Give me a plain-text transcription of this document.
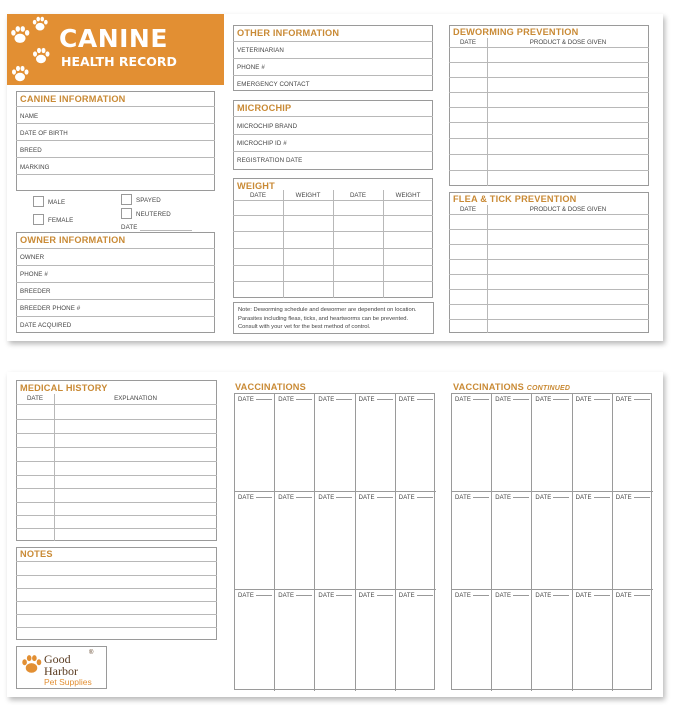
CANINE
HEALTH RECORD
CANINE INFORMATION
NAME
DATE OF BIRTH
BREED
MARKING
MALE
FEMALE
SPAYED
NEUTERED
DATE
OWNER INFORMATION
OWNER
PHONE #
BREEDER
BREEDER PHONE #
DATE ACQUIRED
OTHER INFORMATION
VETERINARIAN
PHONE #
EMERGENCY CONTACT
MICROCHIP
MICROCHIP BRAND
MICROCHIP ID #
REGISTRATION DATE
WEIGHT
DATE	WEIGHT	DATE	WEIGHT
Note: Deworming schedule and dewormer are dependent on location. Parasites including fleas, ticks, and heartworms can be prevented. Consult with your vet for the best method of control.
DEWORMING PREVENTION
DATE	PRODUCT & DOSE GIVEN
FLEA & TICK PREVENTION
DATE	PRODUCT & DOSE GIVEN
MEDICAL HISTORY
DATE	EXPLANATION
NOTES
Good	®
Harbor
Pet Supplies
VACCINATIONS
DATE	DATE	DATE	DATE	DATE
DATE	DATE	DATE	DATE	DATE
DATE	DATE	DATE	DATE	DATE
VACCINATIONS CONTINUED
DATE	DATE	DATE	DATE	DATE
DATE	DATE	DATE	DATE	DATE
DATE	DATE	DATE	DATE	DATE
